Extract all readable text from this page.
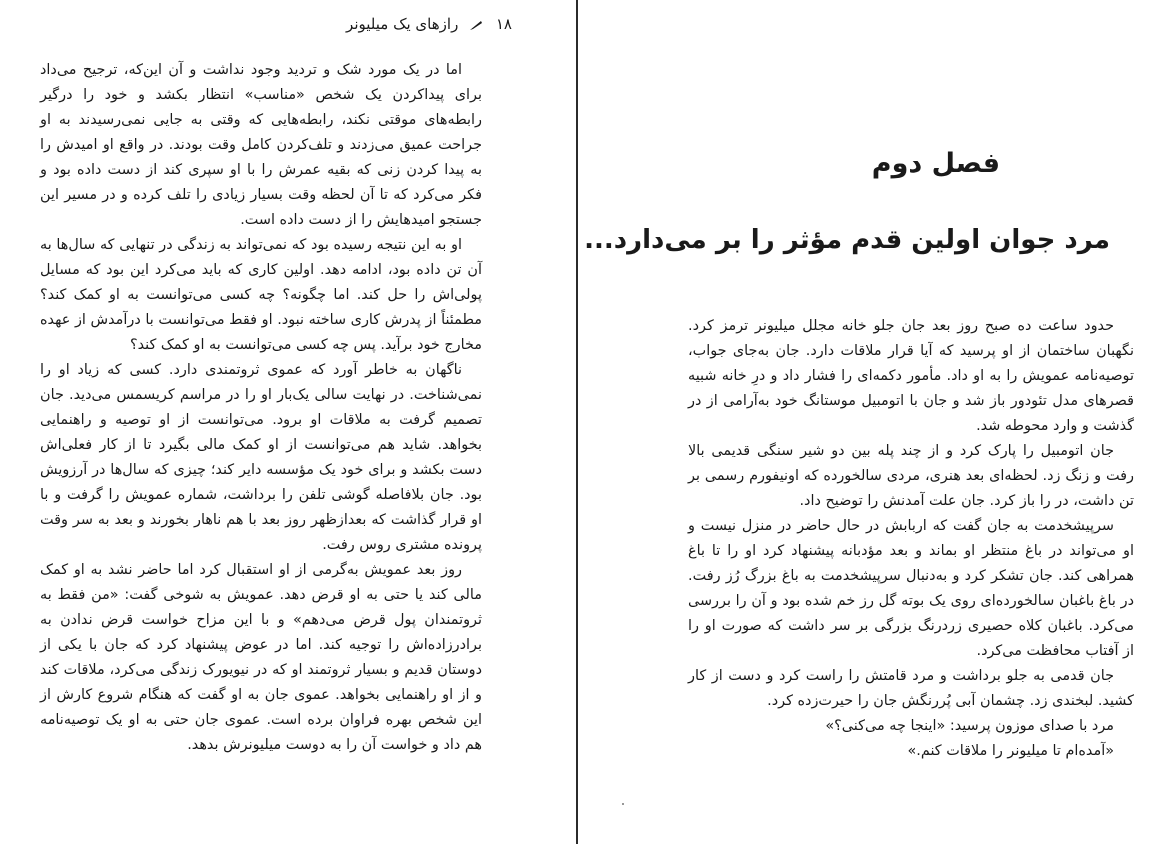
۱۸  رازهای یک میلیونر

اما در یک مورد شک و تردید وجود نداشت و آن این‌که، ترجیح می‌داد برای پیداکردن یک شخص «مناسب» انتظار بکشد و خود را درگیر رابطه‌های موقتی نکند، رابطه‌هایی که وقتی به جایی نمی‌رسیدند به او جراحت عمیق می‌زدند و تلف‌کردن کامل وقت بودند. در واقع او امیدش را به پیدا کردن زنی که بقیه عمرش را با او سپری کند از دست داده بود و فکر می‌کرد که تا آن لحظه وقت بسیار زیادی را تلف کرده و در مسیر این جستجو امیدهایش را از دست داده است.

او به این نتیجه رسیده بود که نمی‌تواند به زندگی در تنهایی که سال‌ها به آن تن داده بود، ادامه دهد. اولین کاری که باید می‌کرد این بود که مسایل پولی‌اش را حل کند. اما چگونه؟ چه کسی می‌توانست به او کمک کند؟ مطمئناً از پدرش کاری ساخته نبود. او فقط می‌توانست با درآمدش از عهده مخارج خود برآید. پس چه کسی می‌توانست به او کمک کند؟

ناگهان به خاطر آورد که عموی ثروتمندی دارد. کسی که زیاد او را نمی‌شناخت. در نهایت سالی یک‌بار او را در مراسم کریسمس می‌دید. جان تصمیم گرفت به ملاقات او برود. می‌توانست از او توصیه و راهنمایی بخواهد. شاید هم می‌توانست از او کمک مالی بگیرد تا از کار فعلی‌اش دست بکشد و برای خود یک مؤسسه دایر کند؛ چیزی که سال‌ها در آرزویش بود. جان بلافاصله گوشی تلفن را برداشت، شماره عمویش را گرفت و با او قرار گذاشت که بعدازظهر روز بعد با هم ناهار بخورند و بعد به سر وقت پرونده مشتری روس رفت.

روز بعد عمویش به‌گرمی از او استقبال کرد اما حاضر نشد به او کمک مالی کند یا حتی به او قرض دهد. عمویش به شوخی گفت: «من فقط به ثروتمندان پول قرض می‌دهم» و با این مزاح خواست قرض ندادن به برادرزاده‌اش را توجیه کند. اما در عوض پیشنهاد کرد که جان با یکی از دوستان قدیم و بسیار ثروتمند او که در نیویورک زندگی می‌کرد، ملاقات کند و از او راهنمایی بخواهد. عموی جان به او گفت که هنگام شروع کارش از این شخص بهره فراوان برده است. عموی جان حتی به او یک توصیه‌نامه هم داد و خواست آن را به دوست میلیونرش بدهد.

فصل دوم
مرد جوان اولین قدم مؤثر را بر می‌دارد...

حدود ساعت ده صبح روز بعد جان جلو خانه مجلل میلیونر ترمز کرد. نگهبان ساختمان از او پرسید که آیا قرار ملاقات دارد. جان به‌جای جواب، توصیه‌نامه عمویش را به او داد. مأمور دکمه‌ای را فشار داد و درِ خانه شبیه قصرهای مدل تئودور باز شد و جان با اتومبیل موستانگ خود به‌آرامی از در گذشت و وارد محوطه شد.

جان اتومبیل را پارک کرد و از چند پله بین دو شیر سنگی قدیمی بالا رفت و زنگ زد. لحظه‌ای بعد هنری، مردی سالخورده که اونیفورم رسمی بر تن داشت، در را باز کرد. جان علت آمدنش را توضیح داد.

سرپیشخدمت به جان گفت که اربابش در حال حاضر در منزل نیست و او می‌تواند در باغ منتظر او بماند و بعد مؤدبانه پیشنهاد کرد او را تا باغ همراهی کند. جان تشکر کرد و به‌دنبال سرپیشخدمت به باغ بزرگ رُز رفت. در باغ باغبان سالخورده‌ای روی یک بوته گل رز خم شده بود و آن را بررسی می‌کرد. باغبان کلاه حصیری زردرنگ بزرگی بر سر داشت که صورت او را از آفتاب محافظت می‌کرد.

جان قدمی به جلو برداشت و مرد قامتش را راست کرد و دست از کار کشید. لبخندی زد. چشمان آبی پُررنگش جان را حیرت‌زده کرد.

مرد با صدای موزون پرسید: «اینجا چه می‌کنی؟»

«آمده‌ام تا میلیونر را ملاقات کنم.»
